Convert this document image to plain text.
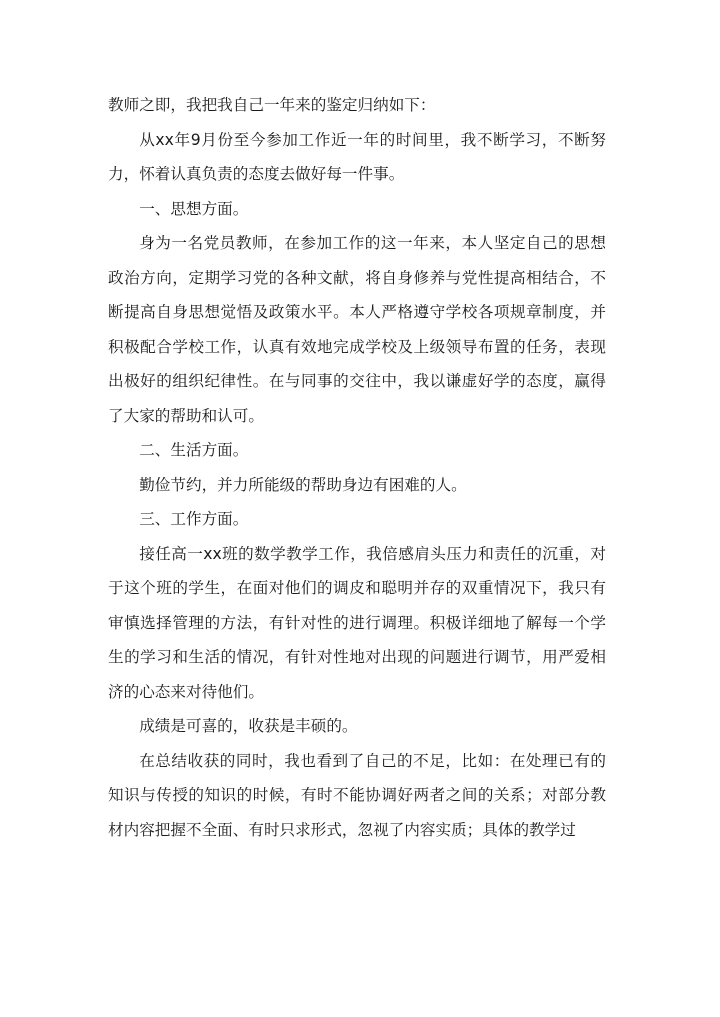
教师之即，我把我自己一年来的鉴定归纳如下：

从xx年9月份至今参加工作近一年的时间里，我不断学习，不断努力，怀着认真负责的态度去做好每一件事。

一、思想方面。

身为一名党员教师，在参加工作的这一年来，本人坚定自己的思想政治方向，定期学习党的各种文献，将自身修养与党性提高相结合，不断提高自身思想觉悟及政策水平。本人严格遵守学校各项规章制度，并积极配合学校工作，认真有效地完成学校及上级领导布置的任务，表现出极好的组织纪律性。在与同事的交往中，我以谦虚好学的态度，赢得了大家的帮助和认可。

二、生活方面。

勤俭节约，并力所能级的帮助身边有困难的人。

三、工作方面。

接任高一xx班的数学教学工作，我倍感肩头压力和责任的沉重，对于这个班的学生，在面对他们的调皮和聪明并存的双重情况下，我只有审慎选择管理的方法，有针对性的进行调理。积极详细地了解每一个学生的学习和生活的情况，有针对性地对出现的问题进行调节，用严爱相济的心态来对待他们。

成绩是可喜的，收获是丰硕的。

在总结收获的同时，我也看到了自己的不足，比如：在处理已有的知识与传授的知识的时候，有时不能协调好两者之间的关系；对部分教材内容把握不全面、有时只求形式，忽视了内容实质；具体的教学过
